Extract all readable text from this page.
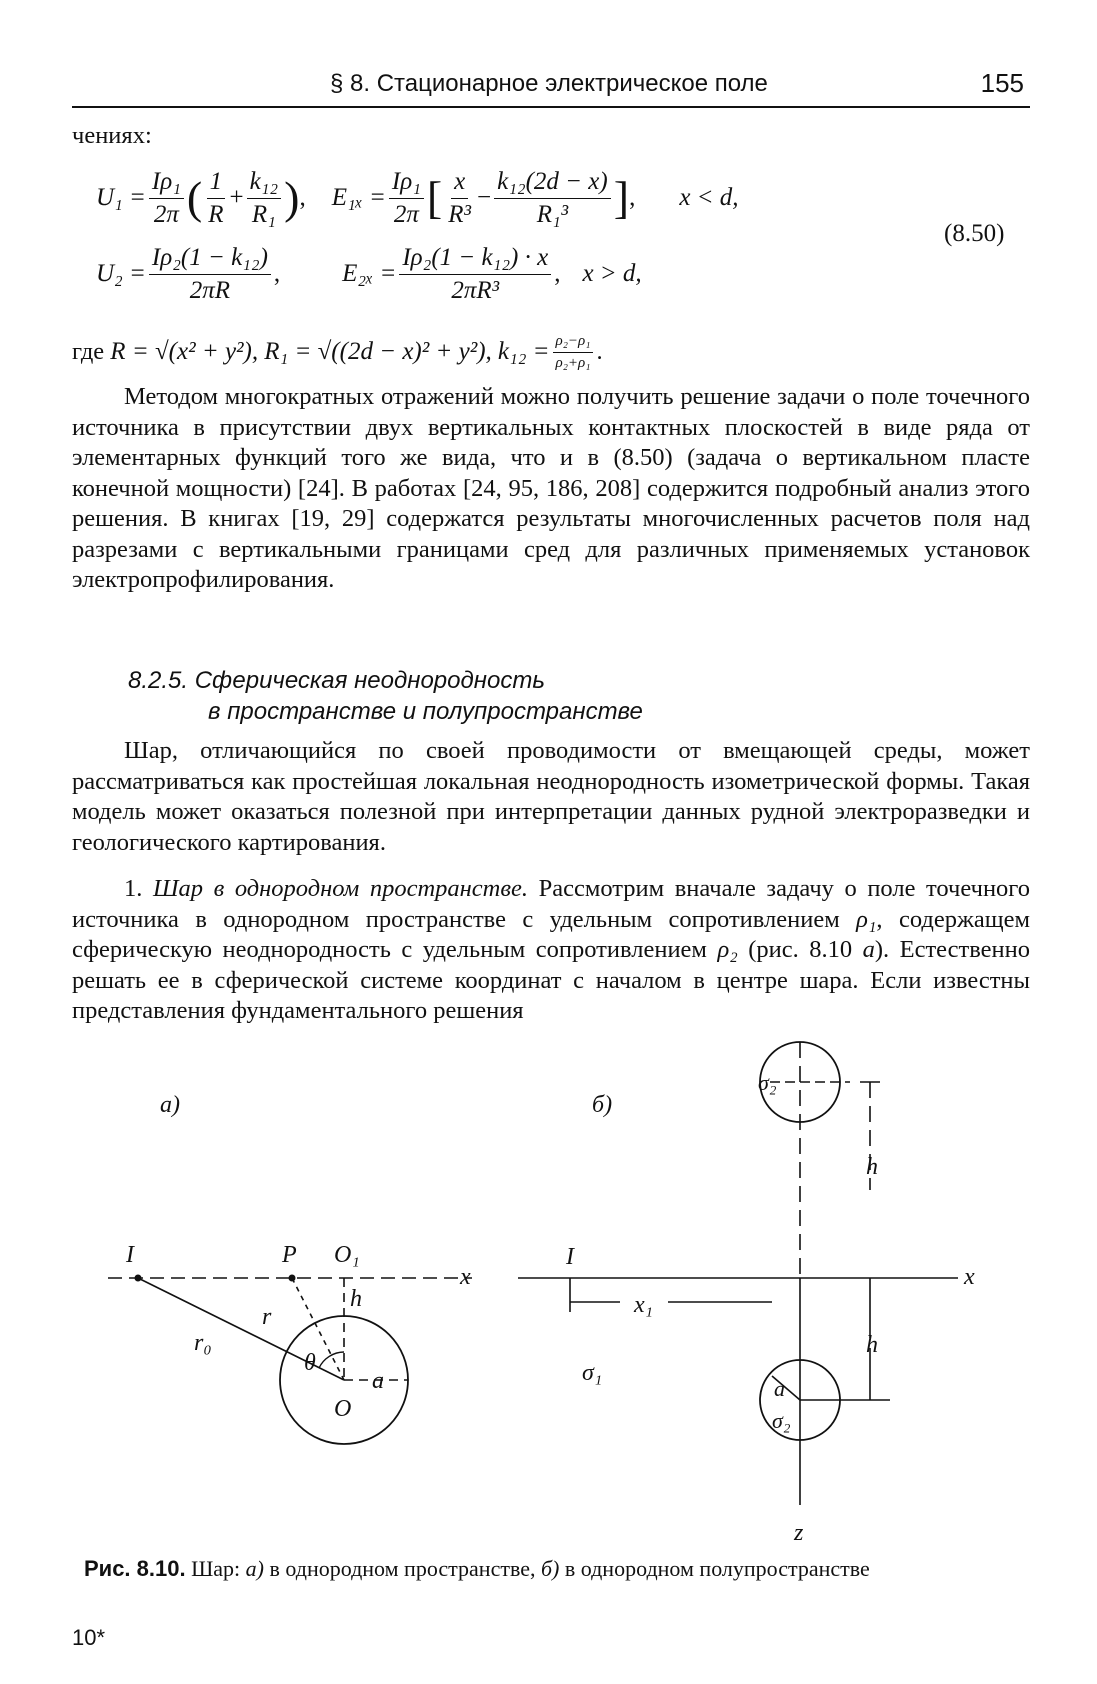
§ 8. Стационарное электрическое поле	155
чениях:
$U_1 = \frac{\text{Iρ₁}}{2\pi}$ ( $\frac{1}{R} + \frac{\text{k₁₂}}{\text{R₁}}$ ) , $E_{1x} = \frac{\text{Iρ₁}}{2\pi}$ [ $\frac{x}{\text{R³}} - \frac{\text{k₁₂(2d − x)}}{\text{R₁³}}$ ] , x < d,
(8.50)
$U_2 = \frac{\text{Iρ₂(1 − k₁₂)}}{2\pi R}$ , $E_{2x} = \frac{\text{Iρ₂(1 − k₁₂) · x}}{\text{2πR³}}$ , x > d,
где
R = √(x² + y²),
R₁ = √((2d − x)² + y²),
$k_{12} = \frac{\text{ρ₂−ρ₁}}{\text{ρ₂+ρ₁}}$ .
Методом многократных отражений можно получить решение задачи о поле точечного источника в присутствии двух вертикальных контактных плоскостей в виде ряда от элементарных функций того же вида, что и в (8.50) (задача о вертикальном пласте конечной мощности) [24]. В работах [24, 95, 186, 208] содержится подробный анализ этого решения. В книгах [19, 29] содержатся результаты многочисленных расчетов поля над разрезами с вертикальными границами сред для различных применяемых установок электропрофилирования.
8.2.5. Сферическая неоднородность
в пространстве и полупространстве
Шар, отличающийся по своей проводимости от вмещающей среды, может рассматриваться как простейшая локальная неоднородность изометрической формы. Такая модель может оказаться полезной при интерпретации данных рудной электроразведки и геологического картирования.
1. Шар в однородном пространстве. Рассмотрим вначале задачу о поле точечного источника в однородном пространстве с удельным сопротивлением ρ₁, содержащем сферическую неоднородность с удельным сопротивлением ρ₂ (рис. 8.10 а). Естественно решать ее в сферической системе координат с началом в центре шара. Если известны представления фундаментального решения
а)
I	P O₁
x
r
r₀
θ
h
O
a
б)
σ₂
h
I
x
x₁
h
σ₁
a
σ₂
z
Рис. 8.10. Шар: а) в однородном пространстве, б) в однородном полупространстве
10*
